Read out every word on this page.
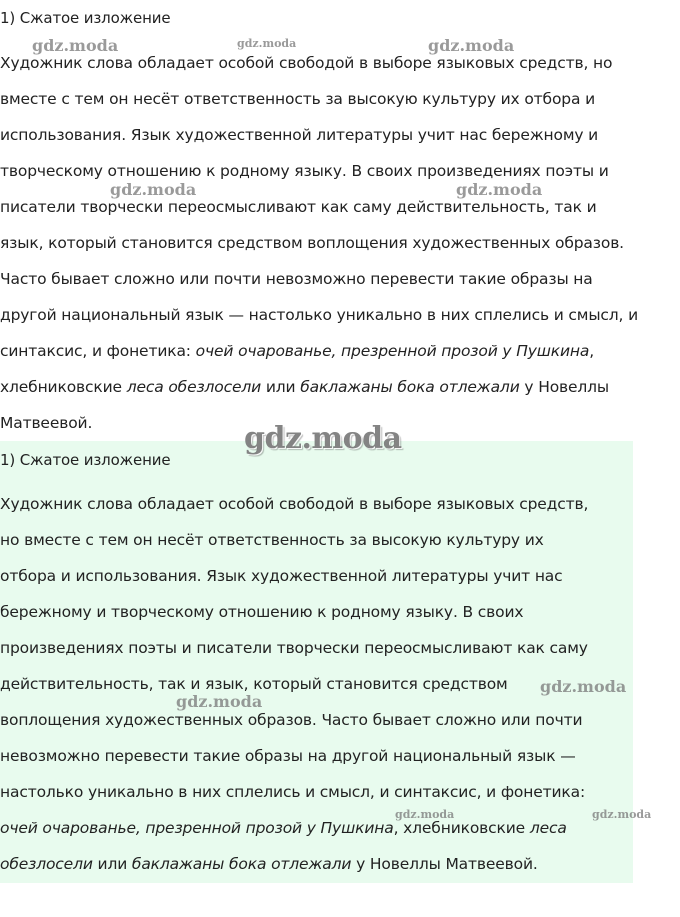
1) Сжатое изложение
Художник слова обладает особой свободой в выборе языковых средств, но
вместе с тем он несёт ответственность за высокую культуру их отбора и
использования. Язык художественной литературы учит нас бережному и
творческому отношению к родному языку. В своих произведениях поэты и
писатели творчески переосмысливают как саму действительность, так и
язык, который становится средством воплощения художественных образов.
Часто бывает сложно или почти невозможно перевести такие образы на
другой национальный язык — настолько уникально в них сплелись и смысл, и
синтаксис, и фонетика: очей очарованье, презренной прозой у Пушкина,
хлебниковские леса обезлосели или баклажаны бока отлежали у Новеллы
Матвеевой.
1) Сжатое изложение
Художник слова обладает особой свободой в выборе языковых средств,
но вместе с тем он несёт ответственность за высокую культуру их
отбора и использования. Язык художественной литературы учит нас
бережному и творческому отношению к родному языку. В своих
произведениях поэты и писатели творчески переосмысливают как саму
действительность, так и язык, который становится средством
воплощения художественных образов. Часто бывает сложно или почти
невозможно перевести такие образы на другой национальный язык —
настолько уникально в них сплелись и смысл, и синтаксис, и фонетика:
очей очарованье, презренной прозой у Пушкина, хлебниковские леса
обезлосели или баклажаны бока отлежали у Новеллы Матвеевой.
gdz.moda	gdz.moda	gdz.moda
gdz.moda	gdz.moda
gdz.moda
gdz.moda
gdz.moda
gdz.moda	gdz.moda
